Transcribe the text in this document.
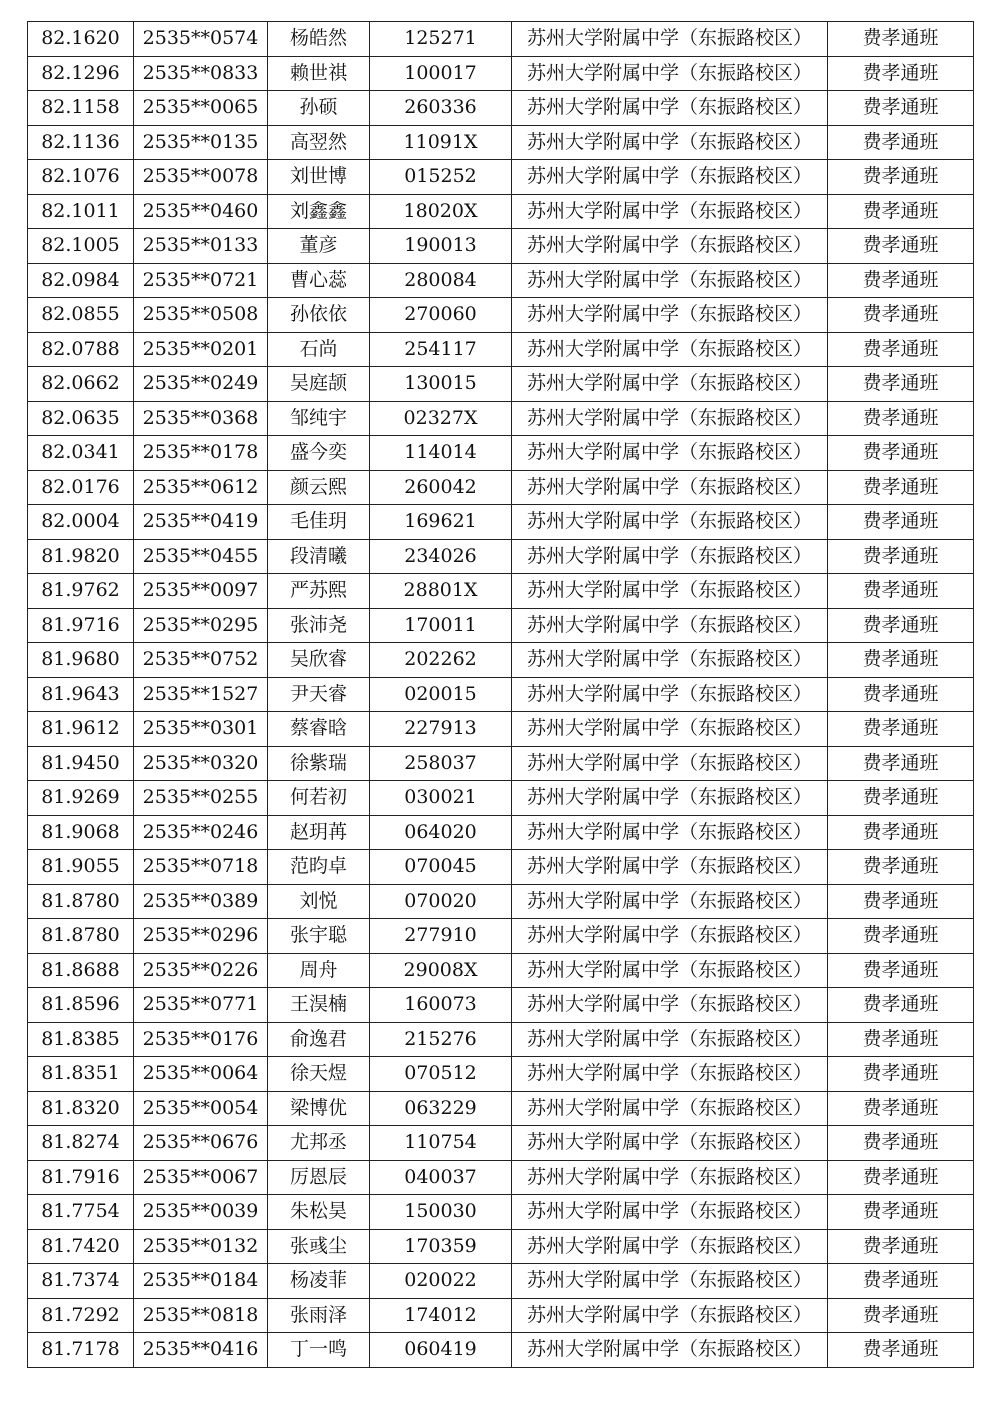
82.1620	2535**0574	杨皓然	125271	苏州大学附属中学（东振路校区）	费孝通班
82.1296	2535**0833	赖世祺	100017	苏州大学附属中学（东振路校区）	费孝通班
82.1158	2535**0065	孙硕	260336	苏州大学附属中学（东振路校区）	费孝通班
82.1136	2535**0135	高翌然	11091X	苏州大学附属中学（东振路校区）	费孝通班
82.1076	2535**0078	刘世博	015252	苏州大学附属中学（东振路校区）	费孝通班
82.1011	2535**0460	刘鑫鑫	18020X	苏州大学附属中学（东振路校区）	费孝通班
82.1005	2535**0133	董彦	190013	苏州大学附属中学（东振路校区）	费孝通班
82.0984	2535**0721	曹心蕊	280084	苏州大学附属中学（东振路校区）	费孝通班
82.0855	2535**0508	孙依依	270060	苏州大学附属中学（东振路校区）	费孝通班
82.0788	2535**0201	石尚	254117	苏州大学附属中学（东振路校区）	费孝通班
82.0662	2535**0249	吴庭颉	130015	苏州大学附属中学（东振路校区）	费孝通班
82.0635	2535**0368	邹纯宇	02327X	苏州大学附属中学（东振路校区）	费孝通班
82.0341	2535**0178	盛今奕	114014	苏州大学附属中学（东振路校区）	费孝通班
82.0176	2535**0612	颜云熙	260042	苏州大学附属中学（东振路校区）	费孝通班
82.0004	2535**0419	毛佳玥	169621	苏州大学附属中学（东振路校区）	费孝通班
81.9820	2535**0455	段清曦	234026	苏州大学附属中学（东振路校区）	费孝通班
81.9762	2535**0097	严苏熙	28801X	苏州大学附属中学（东振路校区）	费孝通班
81.9716	2535**0295	张沛尧	170011	苏州大学附属中学（东振路校区）	费孝通班
81.9680	2535**0752	吴欣睿	202262	苏州大学附属中学（东振路校区）	费孝通班
81.9643	2535**1527	尹天睿	020015	苏州大学附属中学（东振路校区）	费孝通班
81.9612	2535**0301	蔡睿晗	227913	苏州大学附属中学（东振路校区）	费孝通班
81.9450	2535**0320	徐紫瑞	258037	苏州大学附属中学（东振路校区）	费孝通班
81.9269	2535**0255	何若初	030021	苏州大学附属中学（东振路校区）	费孝通班
81.9068	2535**0246	赵玥苒	064020	苏州大学附属中学（东振路校区）	费孝通班
81.9055	2535**0718	范昀卓	070045	苏州大学附属中学（东振路校区）	费孝通班
81.8780	2535**0389	刘悦	070020	苏州大学附属中学（东振路校区）	费孝通班
81.8780	2535**0296	张宇聪	277910	苏州大学附属中学（东振路校区）	费孝通班
81.8688	2535**0226	周舟	29008X	苏州大学附属中学（东振路校区）	费孝通班
81.8596	2535**0771	王淏楠	160073	苏州大学附属中学（东振路校区）	费孝通班
81.8385	2535**0176	俞逸君	215276	苏州大学附属中学（东振路校区）	费孝通班
81.8351	2535**0064	徐天煜	070512	苏州大学附属中学（东振路校区）	费孝通班
81.8320	2535**0054	梁博优	063229	苏州大学附属中学（东振路校区）	费孝通班
81.8274	2535**0676	尤邦丞	110754	苏州大学附属中学（东振路校区）	费孝通班
81.7916	2535**0067	厉恩辰	040037	苏州大学附属中学（东振路校区）	费孝通班
81.7754	2535**0039	朱松昊	150030	苏州大学附属中学（东振路校区）	费孝通班
81.7420	2535**0132	张彧尘	170359	苏州大学附属中学（东振路校区）	费孝通班
81.7374	2535**0184	杨凌菲	020022	苏州大学附属中学（东振路校区）	费孝通班
81.7292	2535**0818	张雨泽	174012	苏州大学附属中学（东振路校区）	费孝通班
81.7178	2535**0416	丁一鸣	060419	苏州大学附属中学（东振路校区）	费孝通班
